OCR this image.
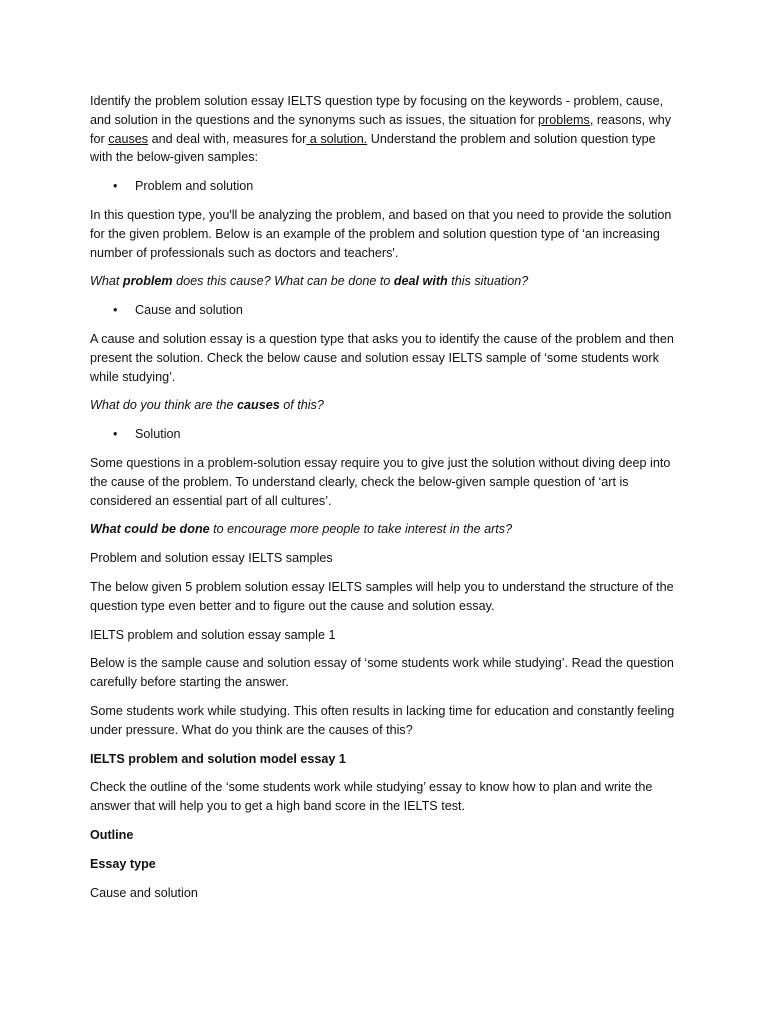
Identify the problem solution essay IELTS question type by focusing on the keywords - problem, cause, and solution in the questions and the synonyms such as issues, the situation for problems, reasons, why for causes and deal with, measures for a solution. Understand the problem and solution question type with the below-given samples:

• Problem and solution

In this question type, you'll be analyzing the problem, and based on that you need to provide the solution for the given problem. Below is an example of the problem and solution question type of ‘an increasing number of professionals such as doctors and teachers'.

What problem does this cause? What can be done to deal with this situation?

• Cause and solution

A cause and solution essay is a question type that asks you to identify the cause of the problem and then present the solution. Check the below cause and solution essay IELTS sample of ‘some students work while studying’.

What do you think are the causes of this?

• Solution

Some questions in a problem-solution essay require you to give just the solution without diving deep into the cause of the problem. To understand clearly, check the below-given sample question of ‘art is considered an essential part of all cultures’.

What could be done to encourage more people to take interest in the arts?

Problem and solution essay IELTS samples

The below given 5 problem solution essay IELTS samples will help you to understand the structure of the question type even better and to figure out the cause and solution essay.

IELTS problem and solution essay sample 1

Below is the sample cause and solution essay of ‘some students work while studying’. Read the question carefully before starting the answer.

Some students work while studying. This often results in lacking time for education and constantly feeling under pressure. What do you think are the causes of this?

IELTS problem and solution model essay 1

Check the outline of the ‘some students work while studying’ essay to know how to plan and write the answer that will help you to get a high band score in the IELTS test.

Outline

Essay type

Cause and solution
